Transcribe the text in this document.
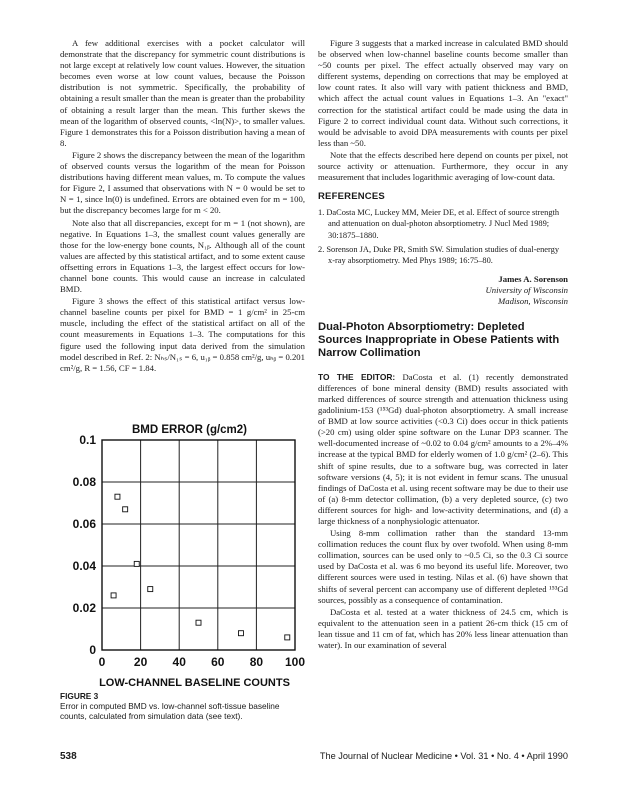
A few additional exercises with a pocket calculator will demonstrate that the discrepancy for symmetric count distributions is not large except at relatively low count values. However, the situation becomes even worse at low count values, because the Poisson distribution is not symmetric. Specifically, the probability of obtaining a result smaller than the mean is greater than the probability of obtaining a result larger than the mean. This further skews the mean of the logarithm of observed counts, <ln(N)>, to smaller values. Figure 1 demonstrates this for a Poisson distribution having a mean of 8.

Figure 2 shows the discrepancy between the mean of the logarithm of observed counts versus the logarithm of the mean for Poisson distributions having different mean values, m. To compute the values for Figure 2, I assumed that observations with N = 0 would be set to N = 1, since ln(0) is undefined. Errors are obtained even for m = 100, but the discrepancy becomes large for m < 20.

Note also that all discrepancies, except for m = 1 (not shown), are negative. In Equations 1–3, the smallest count values generally are those for the low-energy bone counts, N₁ᵦ. Although all of the count values are affected by this statistical artifact, and to some extent cause offsetting errors in Equations 1–3, the largest effect occurs for low-channel bone counts. This would cause an increase in calculated BMD.

Figure 3 shows the effect of this statistical artifact versus low-channel baseline counts per pixel for BMD = 1 g/cm² in 25-cm muscle, including the effect of the statistical artifact on all of the count measurements in Equations 1–3. The computations for this figure used the following input data derived from the simulation model described in Ref. 2: Nₕₛ/N₁ₛ = 6, u₁ᵦ = 0.858 cm²/g, uₕᵦ = 0.201 cm²/g, R = 1.56, CF = 1.84.

0 20 40 60 80 100
0
0.02
0.04
0.06
0.08
0.1
BMD ERROR (g/cm2)
LOW-CHANNEL BASELINE COUNTS
FIGURE 3
Error in computed BMD vs. low-channel soft-tissue baseline counts, calculated from simulation data (see text).

Figure 3 suggests that a marked increase in calculated BMD should be observed when low-channel baseline counts become smaller than ~50 counts per pixel. The effect actually observed may vary on different systems, depending on corrections that may be employed at low count rates. It also will vary with patient thickness and BMD, which affect the actual count values in Equations 1–3. An "exact" correction for the statistical artifact could be made using the data in Figure 2 to correct individual count data. Without such corrections, it would be advisable to avoid DPA measurements with counts per pixel less than ~50.

Note that the effects described here depend on counts per pixel, not source activity or attenuation. Furthermore, they occur in any measurement that includes logarithmic averaging of low-count data.

REFERENCES
1. DaCosta MC, Luckey MM, Meier DE, et al. Effect of source strength and attenuation on dual-photon absorptiometry. J Nucl Med 1989; 30:1875–1880.
2. Sorenson JA, Duke PR, Smith SW. Simulation studies of dual-energy x-ray absorptiometry. Med Phys 1989; 16:75–80.
James A. Sorenson
University of Wisconsin
Madison, Wisconsin
Dual-Photon Absorptiometry: Depleted Sources Inappropriate in Obese Patients with Narrow Collimation

TO THE EDITOR: DaCosta et al. (1) recently demonstrated differences of bone mineral density (BMD) results associated with marked differences of source strength and attenuation thickness using gadolinium-153 (¹⁵³Gd) dual-photon absorptiometry. A small increase of BMD at low source activities (<0.3 Ci) does occur in thick patients (>20 cm) using older spine software on the Lunar DP3 scanner. The well-documented increase of ~0.02 to 0.04 g/cm² amounts to a 2%–4% increase at the typical BMD for elderly women of 1.0 g/cm² (2–6). This shift of spine results, due to a software bug, was corrected in later software versions (4, 5); it is not evident in femur scans. The unusual findings of DaCosta et al. using recent software may be due to their use of (a) 8-mm detector collimation, (b) a very depleted source, (c) two different sources for high- and low-activity determinations, and (d) a large thickness of a nonphysiologic attenuator.

Using 8-mm collimation rather than the standard 13-mm collimation reduces the count flux by over twofold. When using 8-mm collimation, sources can be used only to ~0.5 Ci, so the 0.3 Ci source used by DaCosta et al. was 6 mo beyond its useful life. Moreover, two different sources were used in testing. Nilas et al. (6) have shown that shifts of several percent can accompany use of different depleted ¹⁵³Gd sources, possibly as a consequence of contamination.

DaCosta et al. tested at a water thickness of 24.5 cm, which is equivalent to the attenuation seen in a patient 26-cm thick (15 cm of lean tissue and 11 cm of fat, which has 20% less linear attenuation than water). In our examination of several

538	The Journal of Nuclear Medicine • Vol. 31 • No. 4 • April 1990
